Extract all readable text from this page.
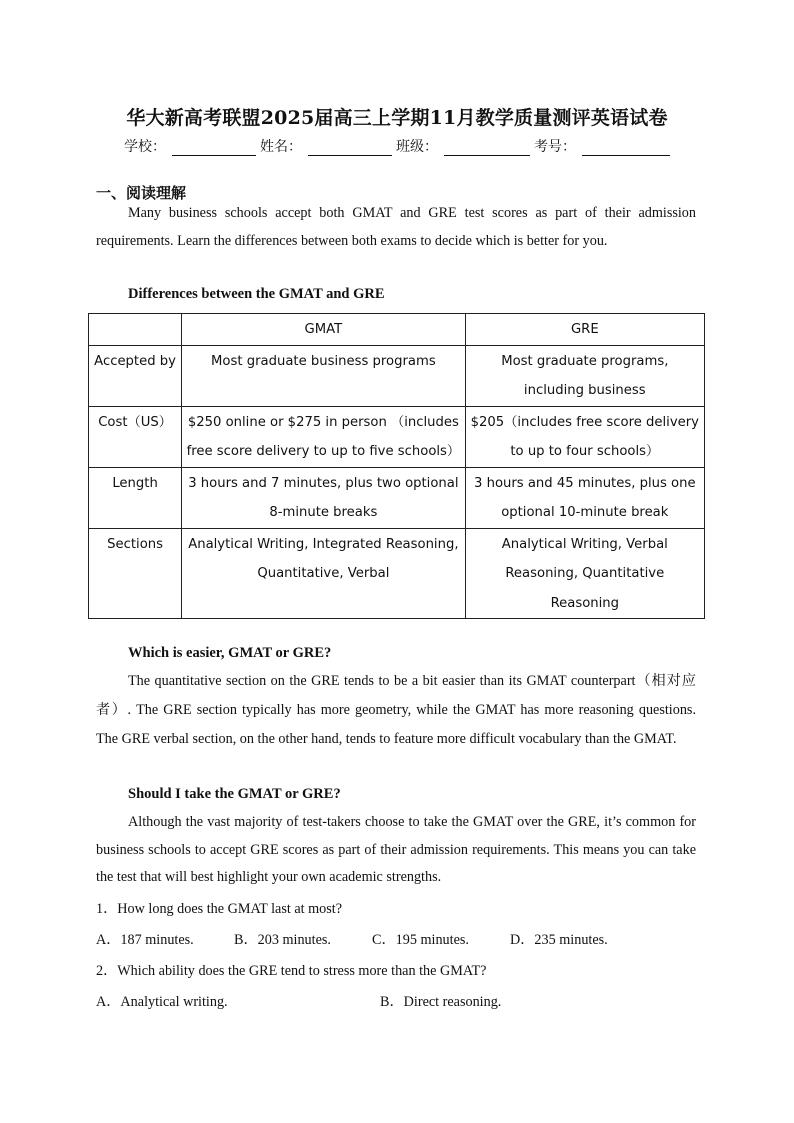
华大新高考联盟2025届高三上学期11月教学质量测评英语试卷
学校：	姓名：	班级：	考号：
一、阅读理解
Many business schools accept both GMAT and GRE test scores as part of their admission requirements. Learn the differences between both exams to decide which is better for you.
Differences between the GMAT and GRE
	GMAT	GRE
Accepted by	Most graduate business programs	Most graduate programs, including business
Cost（US）	$250 online or $275 in person （includes free score delivery to up to five schools）	$205（includes free score delivery to up to four schools）
Length	3 hours and 7 minutes, plus two optional 8-minute breaks	3 hours and 45 minutes, plus one optional 10-minute break
Sections	Analytical Writing, Integrated Reasoning, Quantitative, Verbal	Analytical Writing, Verbal Reasoning, Quantitative Reasoning
Which is easier, GMAT or GRE?
The quantitative section on the GRE tends to be a bit easier than its GMAT counterpart（相对应者）. The GRE section typically has more geometry, while the GMAT has more reasoning questions. The GRE verbal section, on the other hand, tends to feature more difficult vocabulary than the GMAT.
Should I take the GMAT or GRE?
Although the vast majority of test-takers choose to take the GMAT over the GRE, it’s common for business schools to accept GRE scores as part of their admission requirements. This means you can take the test that will best highlight your own academic strengths.
1．How long does the GMAT last at most?
A．187 minutes.	B．203 minutes.	C．195 minutes.	D．235 minutes.
2．Which ability does the GRE tend to stress more than the GMAT?
A．Analytical writing.	B．Direct reasoning.
